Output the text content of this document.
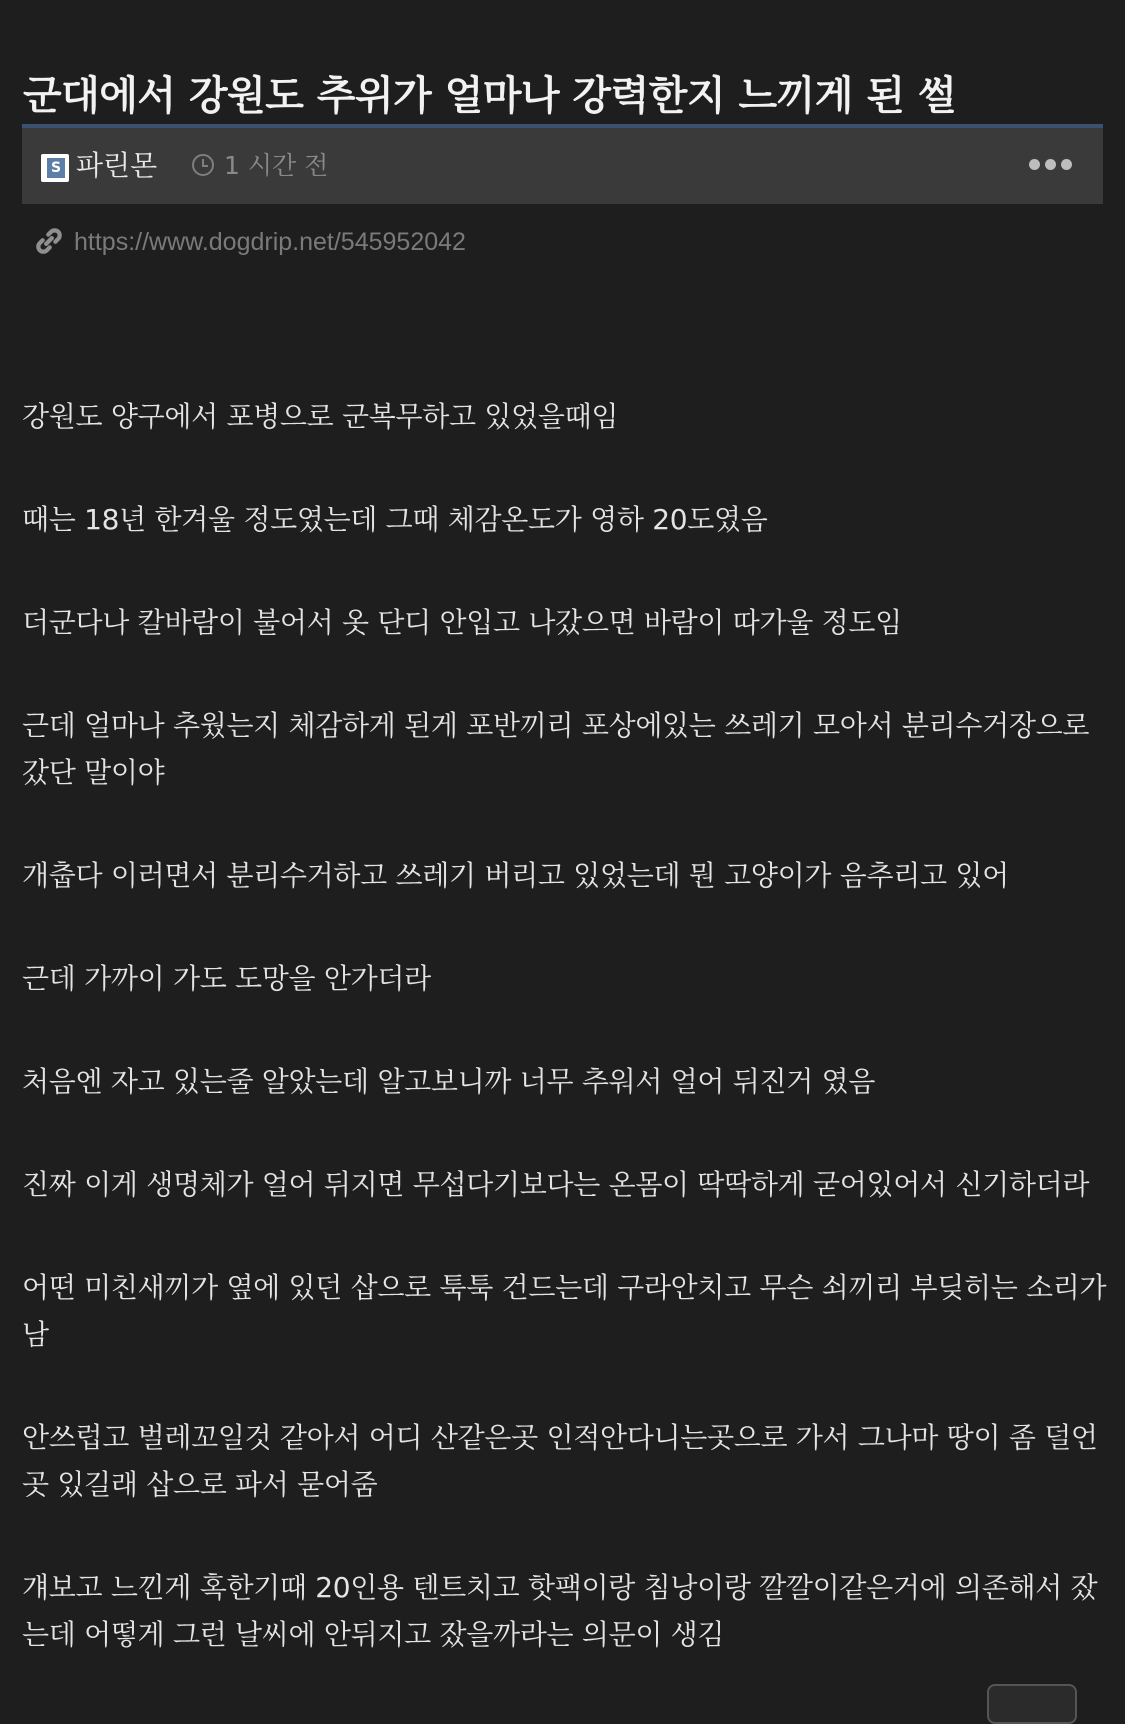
군대에서 강원도 추위가 얼마나 강력한지 느끼게 된 썰
S 파린몬	1 시간 전
https://www.dogdrip.net/545952042

강원도 양구에서 포병으로 군복무하고 있었을때임

때는 18년 한겨울 정도였는데 그때 체감온도가 영하 20도였음

더군다나 칼바람이 불어서 옷 단디 안입고 나갔으면 바람이 따가울 정도임

근데 얼마나 추웠는지 체감하게 된게 포반끼리 포상에있는 쓰레기 모아서 분리수거장으로 갔단 말이야

개춥다 이러면서 분리수거하고 쓰레기 버리고 있었는데 뭔 고양이가 음추리고 있어

근데 가까이 가도 도망을 안가더라

처음엔 자고 있는줄 알았는데 알고보니까 너무 추워서 얼어 뒤진거 였음

진짜 이게 생명체가 얼어 뒤지면 무섭다기보다는 온몸이 딱딱하게 굳어있어서 신기하더라

어떤 미친새끼가 옆에 있던 삽으로 툭툭 건드는데 구라안치고 무슨 쇠끼리 부딪히는 소리가 남

안쓰럽고 벌레꼬일것 같아서 어디 산같은곳 인적안다니는곳으로 가서 그나마 땅이 좀 덜언곳 있길래 삽으로 파서 묻어줌

걔보고 느낀게 혹한기때 20인용 텐트치고 핫팩이랑 침낭이랑 깔깔이같은거에 의존해서 잤는데 어떻게 그런 날씨에 안뒤지고 잤을까라는 의문이 생김
